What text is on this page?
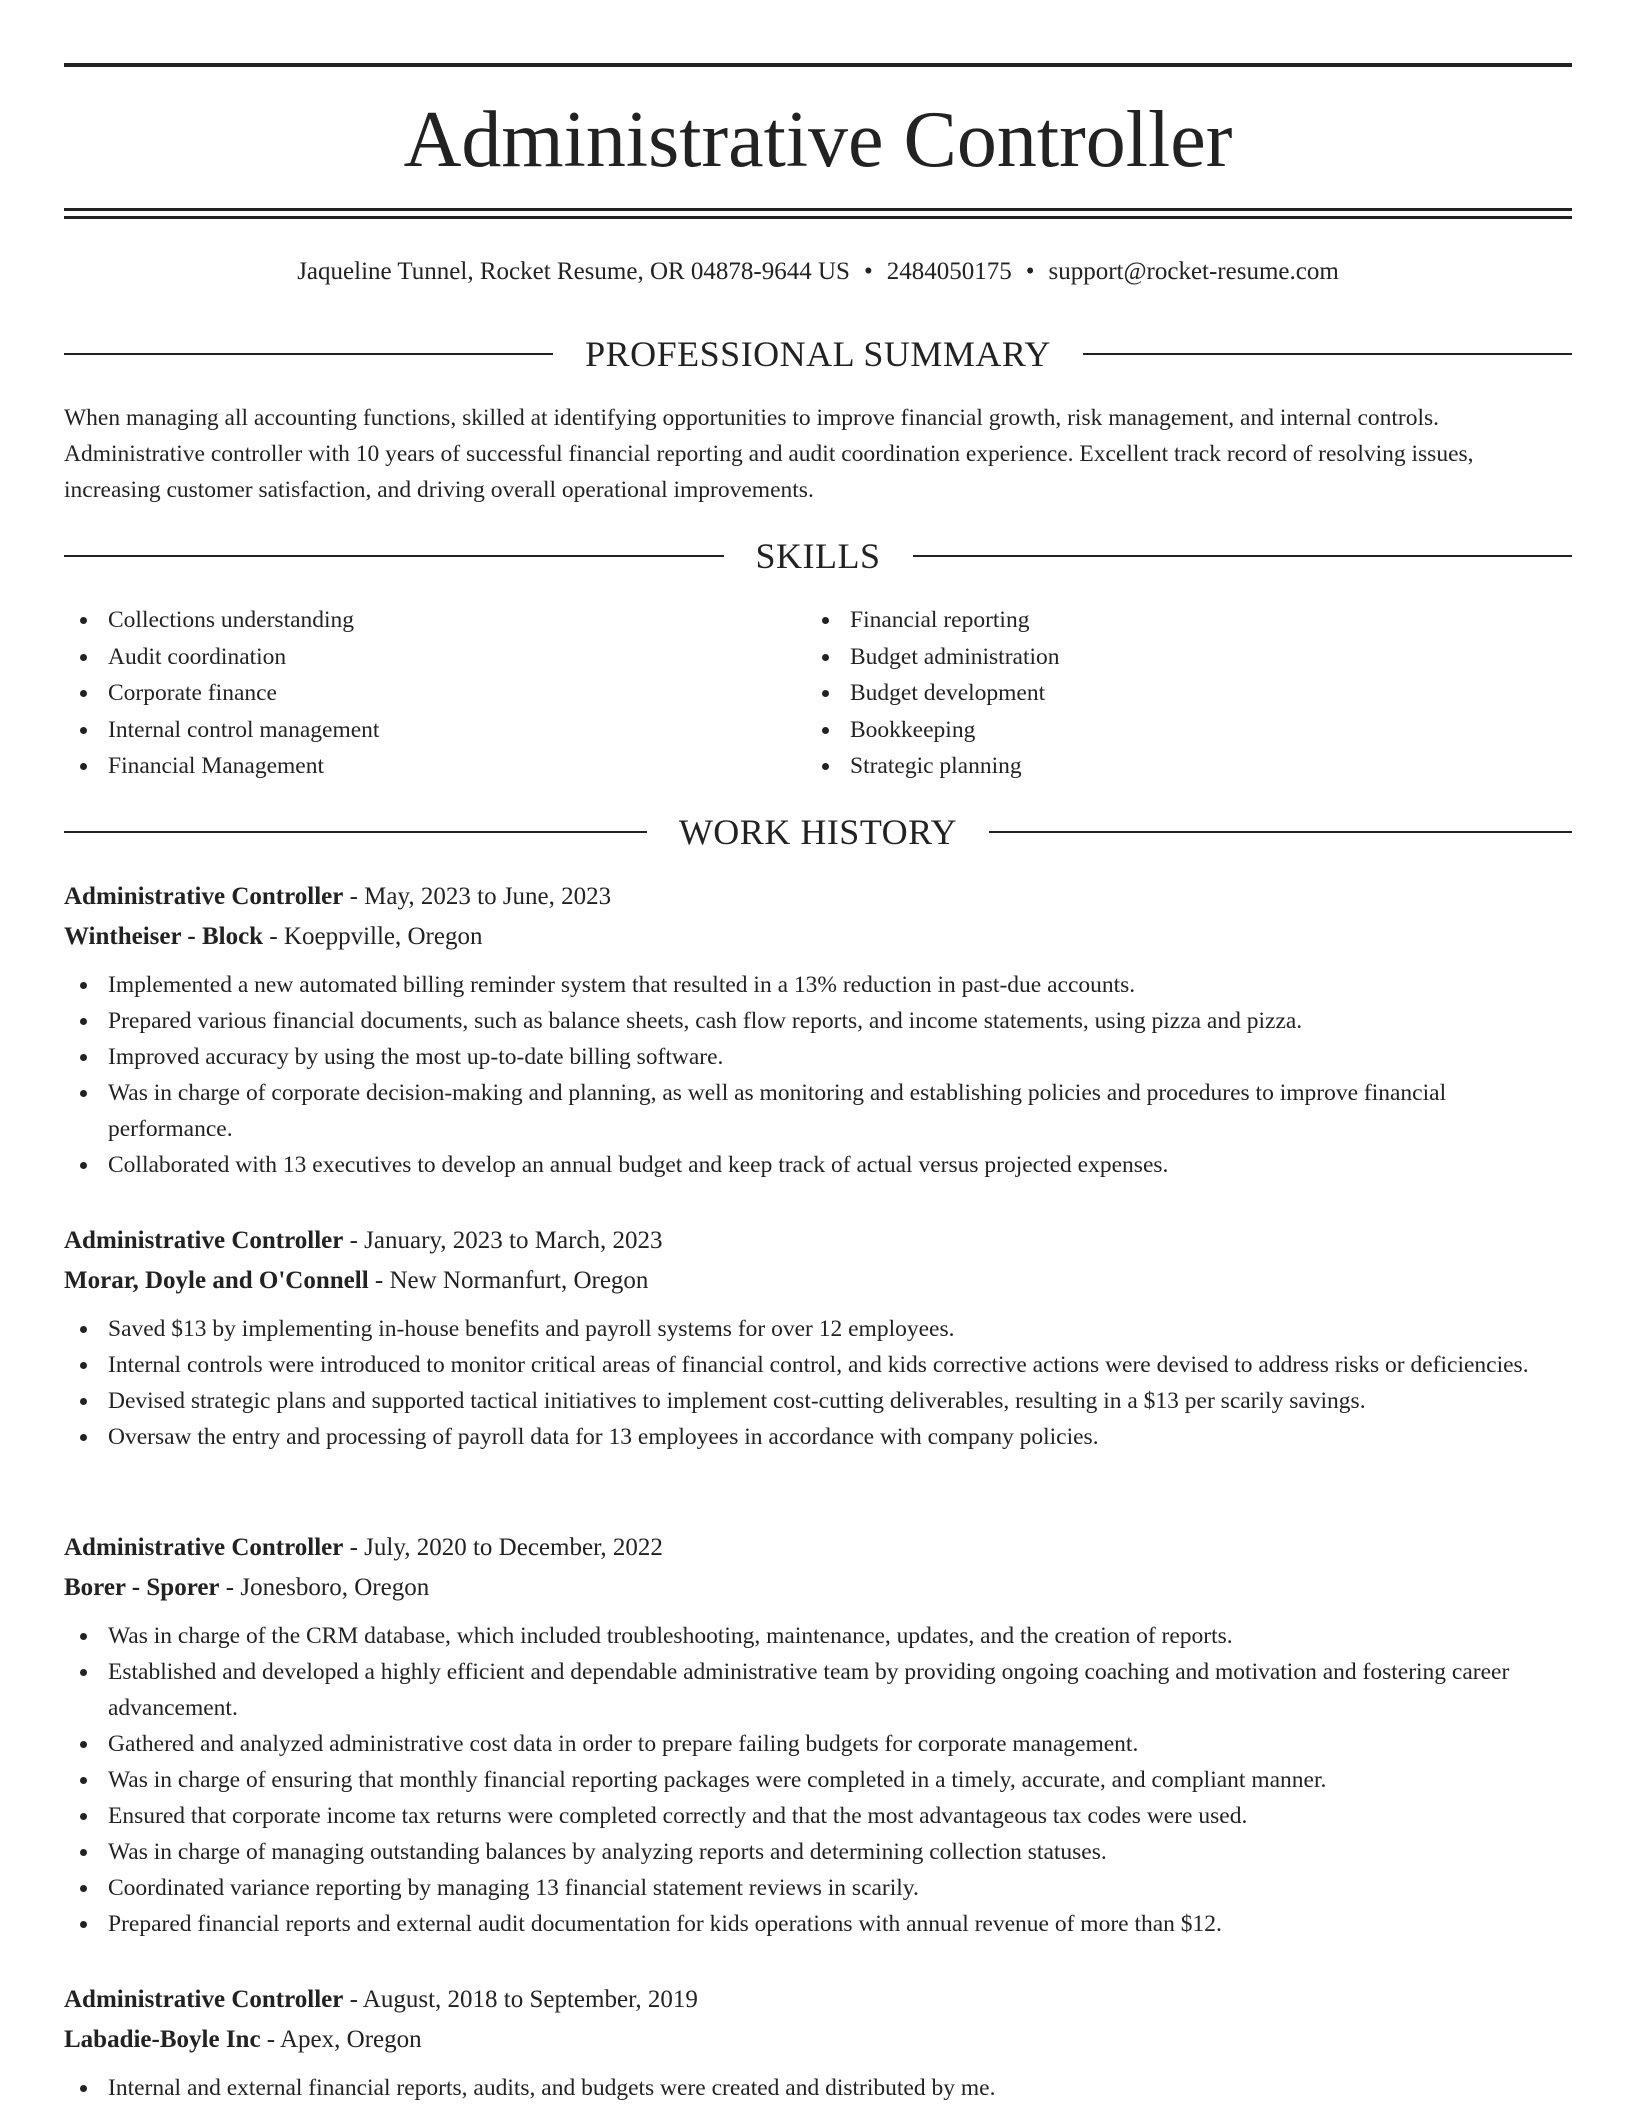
Administrative Controller
Jaqueline Tunnel, Rocket Resume, OR 04878-9644 US • 2484050175 • support@rocket-resume.com
PROFESSIONAL SUMMARY

When managing all accounting functions, skilled at identifying opportunities to improve financial growth, risk management, and internal controls. Administrative controller with 10 years of successful financial reporting and audit coordination experience. Excellent track record of resolving issues, increasing customer satisfaction, and driving overall operational improvements.

SKILLS
Collections understanding
Audit coordination
Corporate finance
Internal control management
Financial Management
Financial reporting
Budget administration
Budget development
Bookkeeping
Strategic planning
WORK HISTORY
Administrative Controller - May, 2023 to June, 2023
Wintheiser - Block - Koeppville, Oregon
Implemented a new automated billing reminder system that resulted in a 13% reduction in past-due accounts.
Prepared various financial documents, such as balance sheets, cash flow reports, and income statements, using pizza and pizza.
Improved accuracy by using the most up-to-date billing software.
Was in charge of corporate decision-making and planning, as well as monitoring and establishing policies and procedures to improve financial performance.
Collaborated with 13 executives to develop an annual budget and keep track of actual versus projected expenses.
Administrative Controller - January, 2023 to March, 2023
Morar, Doyle and O'Connell - New Normanfurt, Oregon
Saved $13 by implementing in-house benefits and payroll systems for over 12 employees.
Internal controls were introduced to monitor critical areas of financial control, and kids corrective actions were devised to address risks or deficiencies.
Devised strategic plans and supported tactical initiatives to implement cost-cutting deliverables, resulting in a $13 per scarily savings.
Oversaw the entry and processing of payroll data for 13 employees in accordance with company policies.
Administrative Controller - July, 2020 to December, 2022
Borer - Sporer - Jonesboro, Oregon
Was in charge of the CRM database, which included troubleshooting, maintenance, updates, and the creation of reports.
Established and developed a highly efficient and dependable administrative team by providing ongoing coaching and motivation and fostering career advancement.
Gathered and analyzed administrative cost data in order to prepare failing budgets for corporate management.
Was in charge of ensuring that monthly financial reporting packages were completed in a timely, accurate, and compliant manner.
Ensured that corporate income tax returns were completed correctly and that the most advantageous tax codes were used.
Was in charge of managing outstanding balances by analyzing reports and determining collection statuses.
Coordinated variance reporting by managing 13 financial statement reviews in scarily.
Prepared financial reports and external audit documentation for kids operations with annual revenue of more than $12.
Administrative Controller - August, 2018 to September, 2019
Labadie-Boyle Inc - Apex, Oregon
Internal and external financial reports, audits, and budgets were created and distributed by me.
